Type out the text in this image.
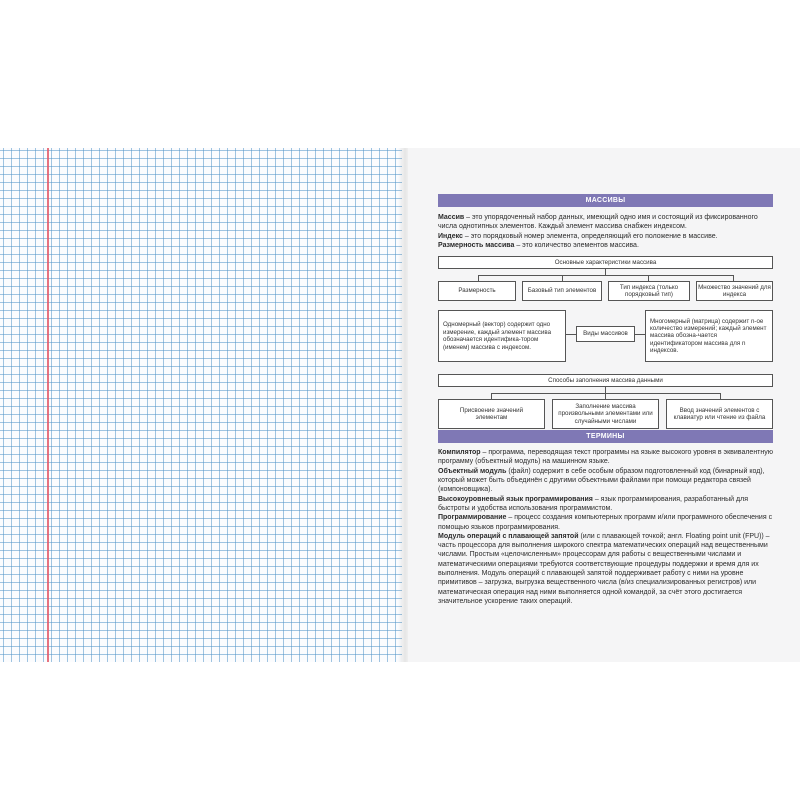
МАССИВЫ
Массив – это упорядоченный набор данных, имеющий одно имя и состоящий из фиксированного числа однотипных элементов. Каждый элемент массива снабжен индексом.
Индекс – это порядковый номер элемента, определяющий его положение в массиве.
Размерность массива – это количество элементов массива.
Основные характеристики массива
Размерность	Базовый тип элементов
Тип индекса (только порядковый тип)
Множество значений для индекса
Одномерный (вектор) содержит одно измерение, каждый элемент массива обозначается идентифика-тором (именем) массива с индексом.
Виды массивов
Многомерный (матрица) содержит n-ое количество измерений; каждый элемент массива обозна-чается идентификатором массива для n индексов.
Способы заполнения массива данными
Присвоение значений элементам
Заполнение массива произвольными элементами или случайными числами
Ввод значений элементов с клавиатур или чтение из файла
ТЕРМИНЫ
Компилятор – программа, переводящая текст программы на языке высокого уровня в эквивалентную программу (объектный модуль) на машинном языке.
Объектный модуль (файл) содержит в себе особым образом подготовленный код (бинарный код), который может быть объединён с другими объектными файлами при помощи редактора связей (компоновщика).
Высокоуровневый язык программирования – язык программирования, разработанный для быстроты и удобства использования программистом.
Программирование – процесс создания компьютерных программ и/или программного обеспечения с помощью языков программирования.
Модуль операций с плавающей запятой (или с плавающей точкой; англ. Floating point unit (FPU)) – часть процессора для выполнения широкого спектра математических операций над вещественными числами. Простым «целочисленным» процессорам для работы с вещественными числами и математическими операциями требуются соответствующие процедуры поддержки и время для их выполнения. Модуль операций с плавающей запятой поддерживает работу с ними на уровне примитивов – загрузка, выгрузка вещественного числа (в/из специализированных регистров) или математическая операция над ними выполняется одной командой, за счёт этого достигается значительное ускорение таких операций.
